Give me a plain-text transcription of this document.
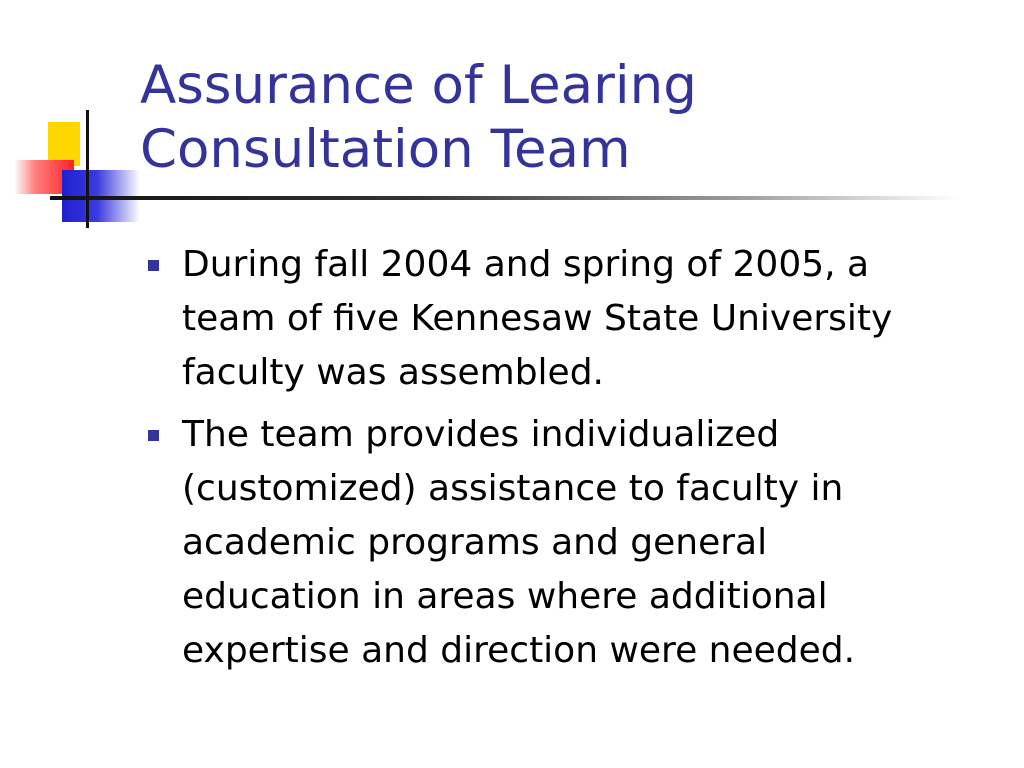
Assurance of Learing
Consultation Team
During fall 2004 and spring of 2005, a
team of five Kennesaw State University
faculty was assembled.
The team provides individualized
(customized) assistance to faculty in
academic programs and general
education in areas where additional
expertise and direction were needed.
